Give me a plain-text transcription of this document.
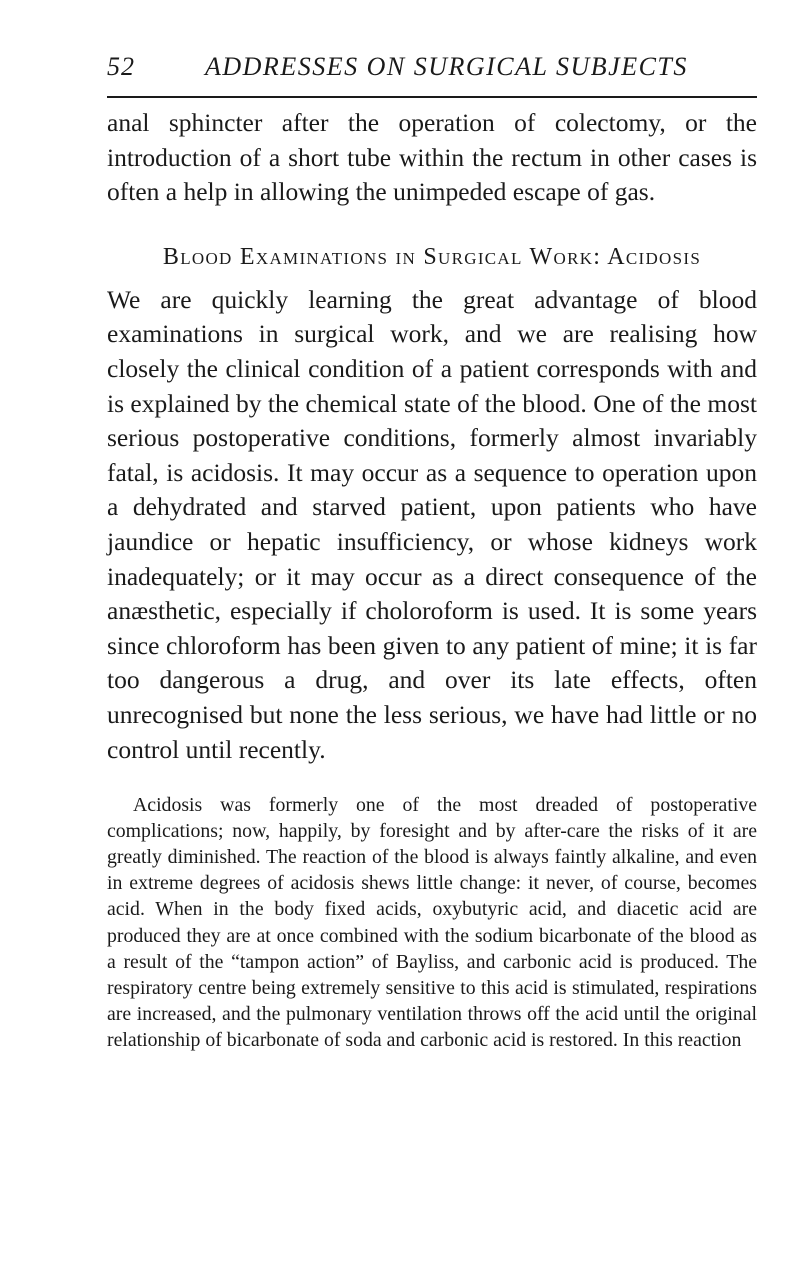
52	ADDRESSES ON SURGICAL SUBJECTS

anal sphincter after the operation of colectomy, or the introduction of a short tube within the rectum in other cases is often a help in allowing the unimpeded escape of gas.

Blood Examinations in Surgical Work: Acidosis

We are quickly learning the great advantage of blood examinations in surgical work, and we are realising how closely the clinical condition of a patient corresponds with and is explained by the chemical state of the blood. One of the most serious postoperative conditions, formerly almost invariably fatal, is acidosis. It may occur as a sequence to operation upon a dehydrated and starved patient, upon patients who have jaundice or hepatic insufficiency, or whose kidneys work inadequately; or it may occur as a direct consequence of the anæsthetic, especially if choloroform is used. It is some years since chloroform has been given to any patient of mine; it is far too dangerous a drug, and over its late effects, often unrecognised but none the less serious, we have had little or no control until recently.

Acidosis was formerly one of the most dreaded of postoperative complications; now, happily, by foresight and by after-care the risks of it are greatly diminished. The reaction of the blood is always faintly alkaline, and even in extreme degrees of acidosis shews little change: it never, of course, becomes acid. When in the body fixed acids, oxybutyric acid, and diacetic acid are produced they are at once combined with the sodium bicarbonate of the blood as a result of the “tampon action” of Bayliss, and carbonic acid is produced. The respiratory centre being extremely sensitive to this acid is stimulated, respirations are increased, and the pulmonary ventilation throws off the acid until the original relationship of bicarbonate of soda and carbonic acid is restored. In this reaction
